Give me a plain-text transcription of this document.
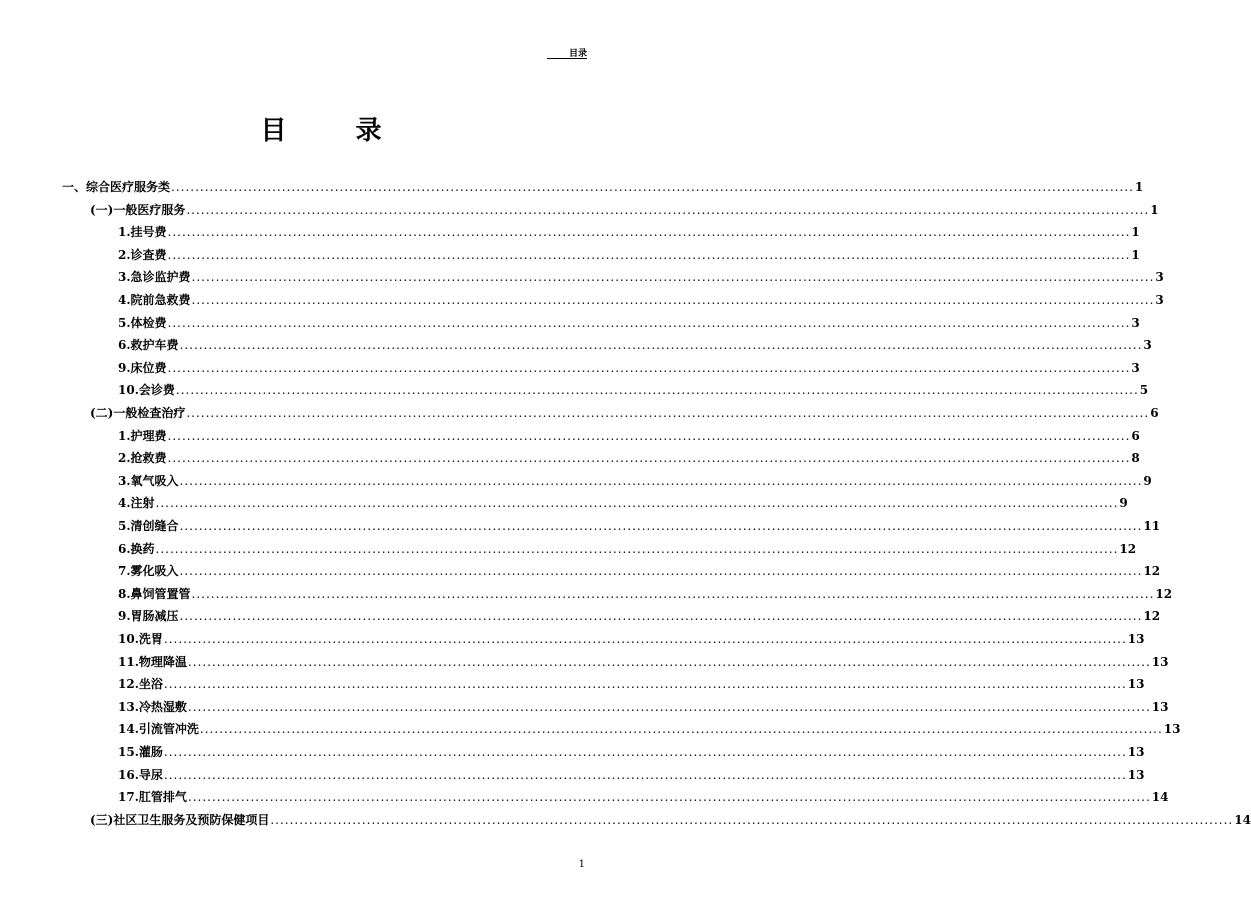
目录
目 录
一、综合医疗服务类 ........................................................................................................................................................................................................ 1
(一)一般医疗服务 ........................................................................................................................................................................................................ 1
1.挂号费 ........................................................................................................................................................................................................ 1
2.诊查费 ........................................................................................................................................................................................................ 1
3.急诊监护费 ........................................................................................................................................................................................................ 3
4.院前急救费 ........................................................................................................................................................................................................ 3
5.体检费 ........................................................................................................................................................................................................ 3
6.救护车费 ........................................................................................................................................................................................................ 3
9.床位费 ........................................................................................................................................................................................................ 3
10.会诊费 ........................................................................................................................................................................................................ 5
(二)一般检查治疗 ........................................................................................................................................................................................................ 6
1.护理费 ........................................................................................................................................................................................................ 6
2.抢救费 ........................................................................................................................................................................................................ 8
3.氧气吸入 ........................................................................................................................................................................................................ 9
4.注射 ........................................................................................................................................................................................................ 9
5.清创缝合 ........................................................................................................................................................................................................ 11
6.换药 ........................................................................................................................................................................................................ 12
7.雾化吸入 ........................................................................................................................................................................................................ 12
8.鼻饲管置管 ........................................................................................................................................................................................................ 12
9.胃肠减压 ........................................................................................................................................................................................................ 12
10.洗胃 ........................................................................................................................................................................................................ 13
11.物理降温 ........................................................................................................................................................................................................ 13
12.坐浴 ........................................................................................................................................................................................................ 13
13.冷热湿敷 ........................................................................................................................................................................................................ 13
14.引流管冲洗 ........................................................................................................................................................................................................ 13
15.灌肠 ........................................................................................................................................................................................................ 13
16.导尿 ........................................................................................................................................................................................................ 13
17.肛管排气 ........................................................................................................................................................................................................ 14
(三)社区卫生服务及预防保健项目 ........................................................................................................................................................................................................ 14
1
